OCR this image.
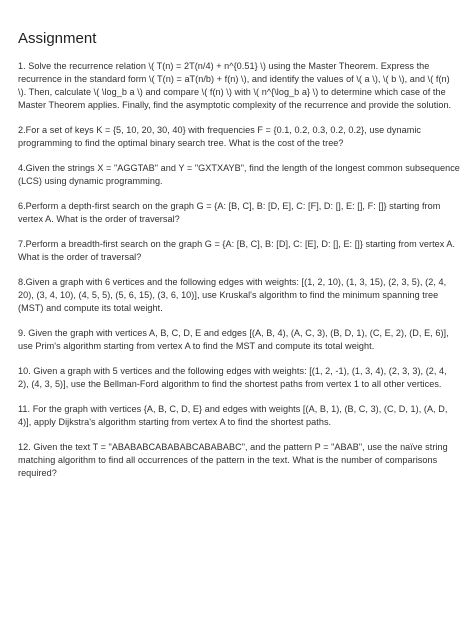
Assignment

1. Solve the recurrence relation \( T(n) = 2T(n/4) + n^{0.51} \) using the Master Theorem. Express the recurrence in the standard form \( T(n) = aT(n/b) + f(n) \), and identify the values of \( a \), \( b \), and \( f(n) \). Then, calculate \( \log_b a \) and compare \( f(n) \) with \( n^{\log_b a} \) to determine which case of the Master Theorem applies. Finally, find the asymptotic complexity of the recurrence and provide the solution.

2.For a set of keys K = {5, 10, 20, 30, 40} with frequencies F = {0.1, 0.2, 0.3, 0.2, 0.2}, use dynamic programming to find the optimal binary search tree. What is the cost of the tree?

4.Given the strings X = "AGGTAB" and Y = "GXTXAYB", find the length of the longest common subsequence (LCS) using dynamic programming.

6.Perform a depth-first search on the graph G = {A: [B, C], B: [D, E], C: [F], D: [], E: [], F: []} starting from vertex A. What is the order of traversal?

7.Perform a breadth-first search on the graph G = {A: [B, C], B: [D], C: [E], D: [], E: []} starting from vertex A. What is the order of traversal?

8.Given a graph with 6 vertices and the following edges with weights: [(1, 2, 10), (1, 3, 15), (2, 3, 5), (2, 4, 20), (3, 4, 10), (4, 5, 5), (5, 6, 15), (3, 6, 10)], use Kruskal's algorithm to find the minimum spanning tree (MST) and compute its total weight.

9. Given the graph with vertices A, B, C, D, E and edges [(A, B, 4), (A, C, 3), (B, D, 1), (C, E, 2), (D, E, 6)], use Prim's algorithm starting from vertex A to find the MST and compute its total weight.

10. Given a graph with 5 vertices and the following edges with weights: [(1, 2, -1), (1, 3, 4), (2, 3, 3), (2, 4, 2), (4, 3, 5)], use the Bellman-Ford algorithm to find the shortest paths from vertex 1 to all other vertices.

11. For the graph with vertices {A, B, C, D, E} and edges with weights [(A, B, 1), (B, C, 3), (C, D, 1), (A, D, 4)], apply Dijkstra's algorithm starting from vertex A to find the shortest paths.

12. Given the text T = "ABABABCABABABCABABABC", and the pattern P = "ABAB", use the naïve string matching algorithm to find all occurrences of the pattern in the text. What is the number of comparisons required?
